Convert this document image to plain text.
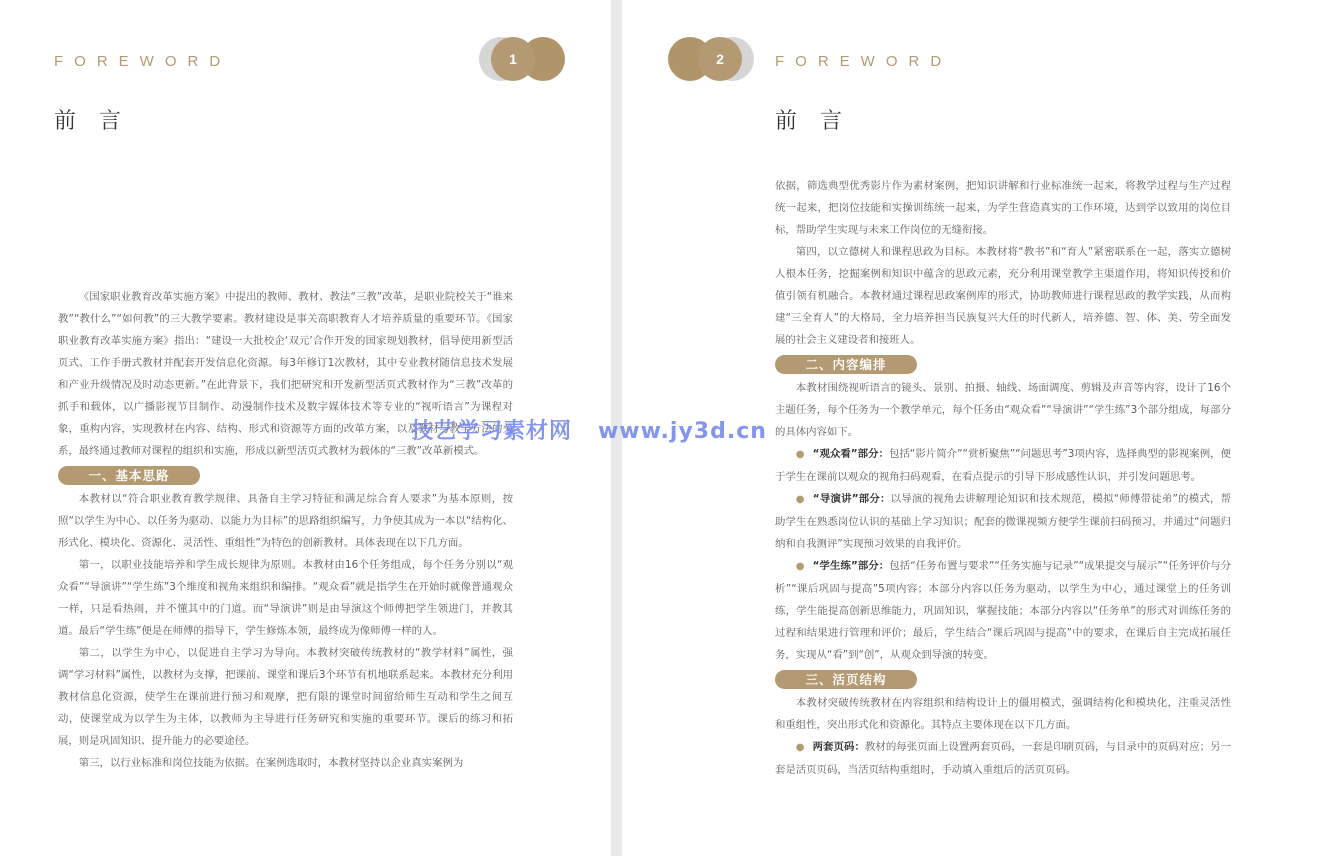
FOREWORD	1
前 言

《国家职业教育改革实施方案》中提出的教师、教材、教法“三教”改革，是职业院校关于“谁来教”“教什么”“如何教”的三大教学要素。教材建设是事关高职教育人才培养质量的重要环节。《国家职业教育改革实施方案》指出：“建设一大批校企‘双元’合作开发的国家规划教材，倡导使用新型活页式、工作手册式教材并配套开发信息化资源。每3年修订1次教材，其中专业教材随信息技术发展和产业升级情况及时动态更新。”在此背景下，我们把研究和开发新型活页式教材作为“三教”改革的抓手和载体，以广播影视节目制作、动漫制作技术及数字媒体技术等专业的“视听语言”为课程对象，重构内容，实现教材在内容、结构、形式和资源等方面的改革方案，以及教材与教学方法的关系，最终通过教师对课程的组织和实施，形成以新型活页式教材为载体的“三教”改革新模式。

一、基本思路

本教材以“符合职业教育教学规律、具备自主学习特征和满足综合育人要求”为基本原则，按照“以学生为中心、以任务为驱动、以能力为目标”的思路组织编写，力争使其成为一本以“结构化、形式化、模块化、资源化、灵活性、重组性”为特色的创新教材。具体表现在以下几方面。

第一，以职业技能培养和学生成长规律为原则。本教材由16个任务组成，每个任务分别以“观众看”“导演讲”“学生练”3个维度和视角来组织和编排。“观众看”就是指学生在开始时就像普通观众一样，只是看热闹，并不懂其中的门道。而“导演讲”则是由导演这个师傅把学生领进门，并教其道。最后“学生练”便是在师傅的指导下，学生修炼本领，最终成为像师傅一样的人。

第二，以学生为中心，以促进自主学习为导向。本教材突破传统教材的“教学材料”属性，强调“学习材料”属性，以教材为支撑，把课前、课堂和课后3个环节有机地联系起来。本教材充分利用教材信息化资源，使学生在课前进行预习和观摩，把有限的课堂时间留给师生互动和学生之间互动，使课堂成为以学生为主体，以教师为主导进行任务研究和实施的重要环节。课后的练习和拓展，则是巩固知识、提升能力的必要途径。

第三，以行业标准和岗位技能为依据。在案例选取时，本教材坚持以企业真实案例为

2	FOREWORD
前 言

依据，筛选典型优秀影片作为素材案例，把知识讲解和行业标准统一起来，将教学过程与生产过程统一起来，把岗位技能和实操训练统一起来，为学生营造真实的工作环境，达到学以致用的岗位目标，帮助学生实现与未来工作岗位的无缝衔接。

第四，以立德树人和课程思政为目标。本教材将“教书”和“育人”紧密联系在一起，落实立德树人根本任务，挖掘案例和知识中蕴含的思政元素，充分利用课堂教学主渠道作用，将知识传授和价值引领有机融合。本教材通过课程思政案例库的形式，协助教师进行课程思政的教学实践，从而构建“三全育人”的大格局，全力培养担当民族复兴大任的时代新人，培养德、智、体、美、劳全面发展的社会主义建设者和接班人。

二、内容编排

本教材围绕视听语言的镜头、景别、拍摄、轴线、场面调度、剪辑及声音等内容，设计了16个主题任务，每个任务为一个教学单元，每个任务由“观众看”“导演讲”“学生练”3个部分组成，每部分的具体内容如下。

● “观众看”部分：包括“影片简介”“赏析聚焦”“问题思考”3项内容，选择典型的影视案例，便于学生在课前以观众的视角扫码观看，在看点提示的引导下形成感性认识，并引发问题思考。

● “导演讲”部分：以导演的视角去讲解理论知识和技术规范，模拟“师傅带徒弟”的模式，帮助学生在熟悉岗位认识的基础上学习知识；配套的微课视频方便学生课前扫码预习，并通过“问题归纳和自我测评”实现预习效果的自我评价。

● “学生练”部分：包括“任务布置与要求”“任务实施与记录”“成果提交与展示”“任务评价与分析”“课后巩固与提高”5项内容；本部分内容以任务为驱动，以学生为中心，通过课堂上的任务训练，学生能提高创新思维能力，巩固知识，掌握技能；本部分内容以“任务单”的形式对训练任务的过程和结果进行管理和评价；最后，学生结合“课后巩固与提高”中的要求，在课后自主完成拓展任务，实现从“看”到“创”，从观众到导演的转变。

三、活页结构

本教材突破传统教材在内容组织和结构设计上的僵用模式，强调结构化和模块化，注重灵活性和重组性，突出形式化和资源化。其特点主要体现在以下几方面。

● 两套页码：教材的每张页面上设置两套页码，一套是印刷页码，与目录中的页码对应；另一套是活页页码，当活页结构重组时，手动填入重组后的活页页码。

技艺学习素材网   www.jy3d.cn
